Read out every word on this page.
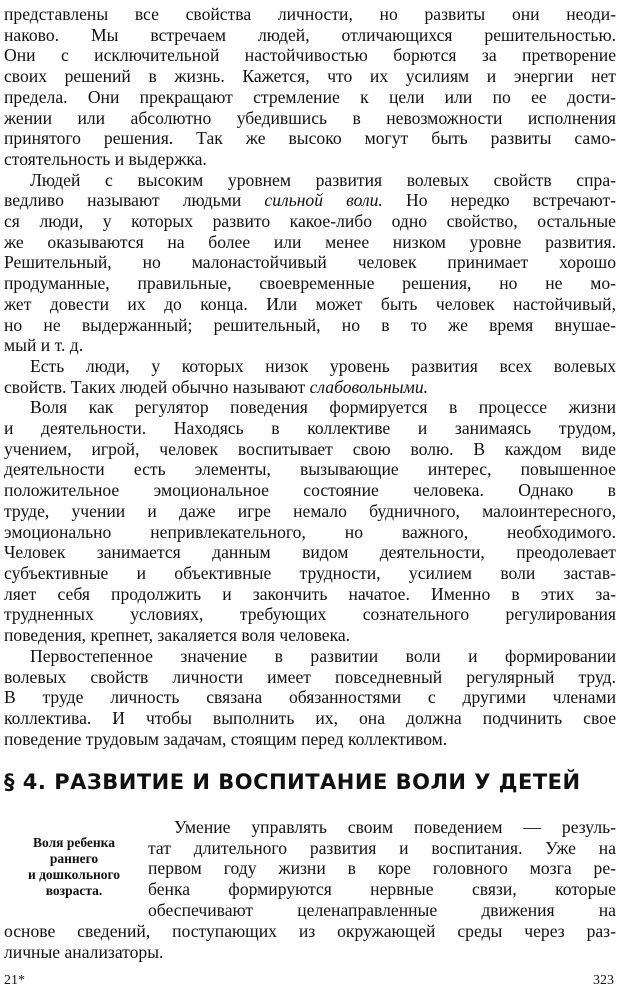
представлены все свойства личности, но развиты они неоди-
наково. Мы встречаем людей, отличающихся решительностью.
Они с исключительной настойчивостью борются за претворение
своих решений в жизнь. Кажется, что их усилиям и энергии нет
предела. Они прекращают стремление к цели или по ее дости-
жении или абсолютно убедившись в невозможности исполнения
принятого решения. Так же высоко могут быть развиты само-
стоятельность и выдержка.
Людей с высоким уровнем развития волевых свойств спра-
ведливо называют людьми сильной воли. Но нередко встречают-
ся люди, у которых развито какое-либо одно свойство, остальные
же оказываются на более или менее низком уровне развития.
Решительный, но малонастойчивый человек принимает хорошо
продуманные, правильные, своевременные решения, но не мо-
жет довести их до конца. Или может быть человек настойчивый,
но не выдержанный; решительный, но в то же время внушае-
мый и т. д.
Есть люди, у которых низок уровень развития всех волевых
свойств. Таких людей обычно называют слабовольными.
Воля как регулятор поведения формируется в процессе жизни
и деятельности. Находясь в коллективе и занимаясь трудом,
учением, игрой, человек воспитывает свою волю. В каждом виде
деятельности есть элементы, вызывающие интерес, повышенное
положительное эмоциональное состояние человека. Однако в
труде, учении и даже игре немало будничного, малоинтересного,
эмоционально непривлекательного, но важного, необходимого.
Человек занимается данным видом деятельности, преодолевает
субъективные и объективные трудности, усилием воли застав-
ляет себя продолжить и закончить начатое. Именно в этих за-
трудненных условиях, требующих сознательного регулирования
поведения, крепнет, закаляется воля человека.
Первостепенное значение в развитии воли и формировании
волевых свойств личности имеет повседневный регулярный труд.
В труде личность связана обязанностями с другими членами
коллектива. И чтобы выполнить их, она должна подчинить свое
поведение трудовым задачам, стоящим перед коллективом.
§ 4. РАЗВИТИЕ И ВОСПИТАНИЕ ВОЛИ У ДЕТЕЙ
Воля ребенка
раннего
и дошкольного
возраста.
Умение управлять своим поведением — резуль-
тат длительного развития и воспитания. Уже на
первом году жизни в коре головного мозга ре-
бенка формируются нервные связи, которые
обеспечивают целенаправленные движения на
основе сведений, поступающих из окружающей среды через раз-
личные анализаторы.
21*	323
